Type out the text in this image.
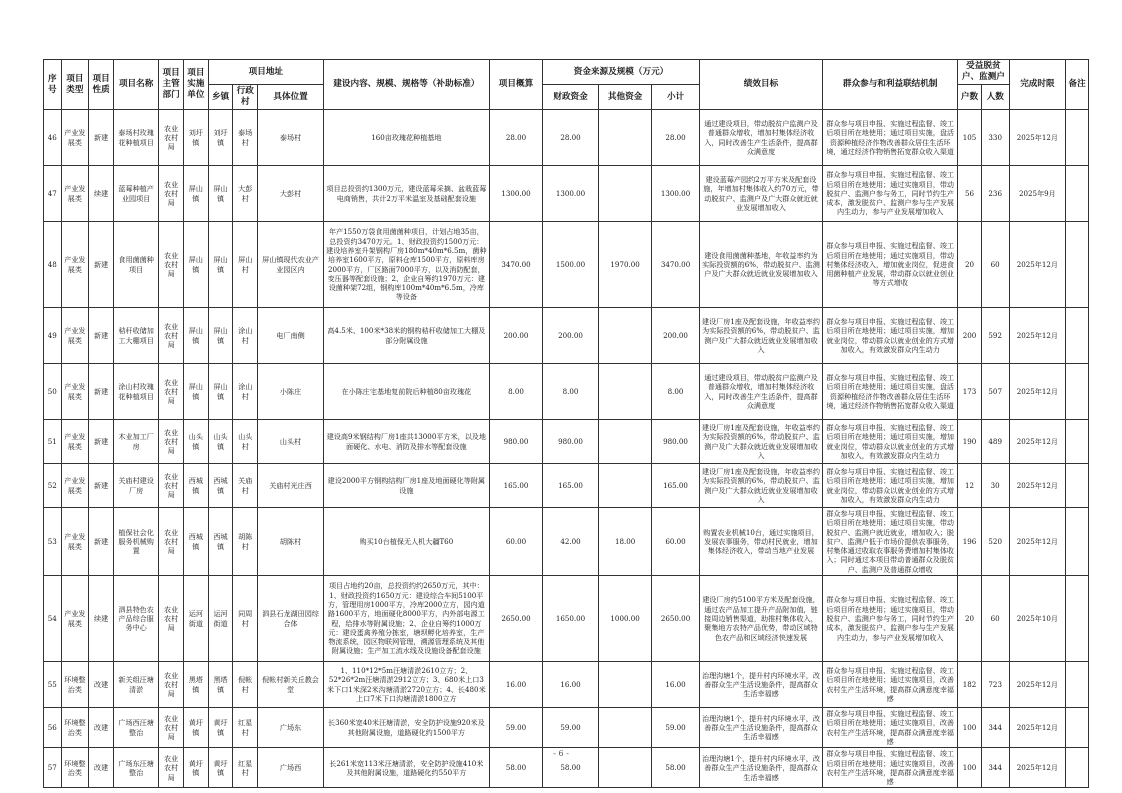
序号	项目类型	项目性质	项目名称	项目主管部门	项目实施单位	项目地址			建设内容、规模、规格等（补助标准）	项目概算	资金来源及规模（万元）			绩效目标	群众参与和利益联结机制	受益脱贫户、监测户		完成时限	备注
						乡镇	行政村	具体位置			财政资金	其他资金	小计			户数	人数		
46	产业发展类	新建	泰场村玫瑰花种植项目	农业农村局	刘圩镇	刘圩镇	泰场村	泰场村	160亩玫瑰花种植基地	28.00	28.00		28.00	通过建设项目，带动脱贫户监测户及普通群众增收，增加村集体经济收入，同时改善生产生活条件，提高群众满意度	群众参与项目申报、实施过程监督、竣工后项目所在地使用；通过项目实施，盘活资源种植经济作物改善群众居住生活环境，通过经济作物销售拓宽群众收入渠道	105	330	2025年12月	
47	产业发展类	续建	蓝莓种植产业园项目	农业农村局	屏山镇	屏山镇	大彭村	大彭村	项目总投资约1300万元，建设蓝莓采摘、盆栽蓝莓电商销售，共计2万平米温室及基础配套设施	1300.00	1300.00		1300.00	建设蓝莓产园约2万平方米及配套设施，年增加村集体收入约70万元，带动脱贫户、监测户及广大群众就近就业发展增加收入	群众参与项目申报、实施过程监督、竣工后项目所在地使用；通过实施项目，带动脱贫户、监测户参与务工，同时节约生产成本，激发脱贫户、监测户参与生产发展内生动力，参与产业发展增加收入	56	236	2025年9月	
48	产业发展类	新建	食用菌菌种项目	农业农村局	屏山镇	屏山镇	屏山村	屏山镇现代农业产业园区内	年产1550万袋食用菌菌种项目，计划占地35亩，总投资约3470万元。1、财政投资约1500万元：建设培养室升架钢构厂房180m*40m*6.5m，菌种培养室1600平方，原料仓库1500平方，原料库房2000平方，厂区路面7000平方，以及消防配套，变压器等配套设施；2、企业自筹约1970万元：建设菌种架72组，钢构库100m*40m*6.5m，冷库等设备	3470.00	1500.00	1970.00	3470.00	建设食用菌菌种基地，年收益率约为实际投资额的6%，带动脱贫户、监测户及广大群众就近就业发展增加收入	群众参与项目申报、实施过程监督、竣工后项目所在地使用；通过实施项目，带动村集体经济收入，增加就业岗位，促进食用菌种植产业发展，带动群众以就业创业等方式增收	20	60	2025年12月	
49	产业发展类	新建	秸秆收储加工大棚项目	农业农村局	屏山镇	屏山镇	涂山村	电厂南侧	高4.5米、100米*38米的钢构秸秆收储加工大棚及部分附属设施	200.00	200.00		200.00	建设厂房1座及配套设施，年收益率约为实际投资额的6%，带动脱贫户、监测户及广大群众就近就业发展增加收入	群众参与项目申报、实施过程监督、竣工后项目所在地使用；通过项目实施，增加就业岗位，带动群众以就业创业的方式增加收入，有效激发群众内生动力	200	592	2025年12月	
50	产业发展类	新建	涂山村玫瑰花种植项目	农业农村局	屏山镇	屏山镇	涂山村	小陈庄	在小陈庄宅基地复前院后种植80亩玫瑰花	8.00	8.00		8.00	通过建设项目，带动脱贫户监测户及普通群众增收，增加村集体经济收入，同时改善生产生活条件，提高群众满意度	群众参与项目申报、实施过程监督、竣工后项目所在地使用；通过项目实施，盘活资源种植经济作物改善群众居住生活环境，通过经济作物销售拓宽群众收入渠道	173	507	2025年12月	
51	产业发展类	新建	木业加工厂房	农业农村局	山头镇	山头镇	山头村	山头村	建设高9米钢结构厂房1座共13000平方米，以及地面硬化、水电、消防及排水等配套设施	980.00	980.00		980.00	建设厂房1座及配套设施，年收益率约为实际投资额的6%，带动脱贫户、监测户及广大群众就近就业发展增加收入	群众参与项目申报、实施过程监督、竣工后项目所在地使用；通过项目实施，增加就业岗位，带动群众以就业创业的方式增加收入，有效激发群众内生动力	190	489	2025年12月	
52	产业发展类	新建	关庙村建设厂房	农业农村局	西城镇	西城镇	关庙村	关庙村光庄西	建设2000平方钢构结构厂房1座及地面硬化等附属设施	165.00	165.00		165.00	建设厂房1座及配套设施，年收益率约为实际投资额的6%，带动脱贫户、监测户及广大群众就近就业发展增加收入	群众参与项目申报、实施过程监督、竣工后项目所在地使用；通过项目实施，增加就业岗位，带动群众以就业创业的方式增加收入，有效激发群众内生动力	12	30	2025年12月	
53	产业发展类	新建	植保社会化服务机械购置	农业农村局	西城镇	西城镇	胡陈村	胡陈村	购买10台植保无人机大疆T60	60.00	42.00	18.00	60.00	购置农业机械10台，通过实施项目，发展农事服务，带动村民就业，增加集体经济收入，带动当地产业发展	群众参与项目申报、实施过程监督、竣工后项目所在地使用；通过项目实施，带动脱贫户、监测户就近就业，增加收入；脱贫户、监测户低于市场价提供农事服务，村集体通过收取农事服务费增加村集体收入；同时通过本项目带动普通群众及脱贫户、监测户及普通群众增收	196	520	2025年12月	
54	产业发展类	续建	泗县特色农产品综合服务中心	农业农村局	运河街道	运河街道	同周村	泗县石龙湖田园综合体	项目占地约20亩，总投资约约2650万元，其中：1、财政投资约1650万元：建设综合车间5100平方，管理用房1000平方，冷库2000立方，园内道路1600平方，地面硬化8000平方，内外部电源工程，给排水等附属设施；2、企业自筹约1000万元：建设蛋禽养殖分拣室，塘坝孵化培养室，生产物流系统，园区物联网管理，溯源管理系统及其他附属设施；生产加工流水线及设施设备配套设施	2650.00	1650.00	1000.00	2650.00	建设厂房约5100平方米及配套设施，通过农产品加工提升产品附加值，链接周边销售渠道，助推村集体收入，聚集地方农特产品优势，带动区域特色农产品和区域经济快速发展	群众参与项目申报、实施过程监督、竣工后项目所在地使用；通过实施项目，带动脱贫户、监测户参与务工，同时节约生产成本，激发脱贫户、监测户参与生产发展内生动力，参与产业发展增加收入	20	60	2025年10月	
55	环境整治类	改建	新关组汪塘清淤	农业农村局	黑塔镇	黑塔镇	倪帐村	倪帐村新关丘教会堂	1、110*12*5m汪塘清淤2610立方；2、52*26*2m汪塘清淤2912立方；3、680米上口3米下口1米深2米沟塘清淤2720立方；4、长480米上口7米下口沟塘清淤1800立方	16.00	16.00		16.00	治理沟塘1个，提升村内环境水平，改善群众生产生活设施条件，提高群众生活幸福感	群众参与项目申报、实施过程监督、竣工后项目所在地使用；通过实施项目，改善农村生产生活环境，提高群众满意度幸福感	182	723	2025年12月	
56	环境整治类	改建	广场西汪塘整治	农业农村局	黄圩镇	黄圩镇	红星村	广场东	长360米宽40米汪塘清淤，安全防护设施920米及其他附属设施，道路硬化约1500平方	59.00	59.00		59.00	治理沟塘1个，提升村内环境水平，改善群众生产生活设施条件，提高群众生活幸福感	群众参与项目申报、实施过程监督、竣工后项目所在地使用；通过实施项目，改善农村生产生活环境，提高群众满意度幸福感	100	344	2025年12月	
57	环境整治类	改建	广场东汪塘整治	农业农村局	黄圩镇	黄圩镇	红星村	广场西	长261米宽113米汪塘清淤，安全防护设施410米及其他附属设施，道路硬化约550平方	58.00	58.00		58.00	治理沟塘1个，提升村内环境水平，改善群众生产生活设施条件，提高群众生活幸福感	群众参与项目申报、实施过程监督、竣工后项目所在地使用；通过实施项目，改善农村生产生活环境，提高群众满意度幸福感	100	344	2025年12月	
- 6 -
